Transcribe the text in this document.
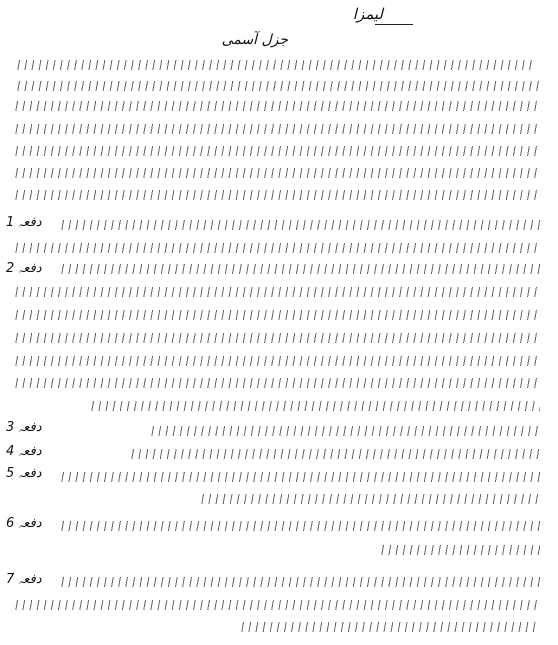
ﻟﯿﻤﺰﺍ
ﺟﺰﻝ ﺍٓﺳﻤﯽ
ﺩﻓﻌﮧ 1
ﺩﻓﻌﮧ 2
ﺩﻓﻌﮧ 3
ﺩﻓﻌﮧ 4
ﺩﻓﻌﮧ 5
ﺩﻓﻌﮧ 6
ﺩﻓﻌﮧ 7
